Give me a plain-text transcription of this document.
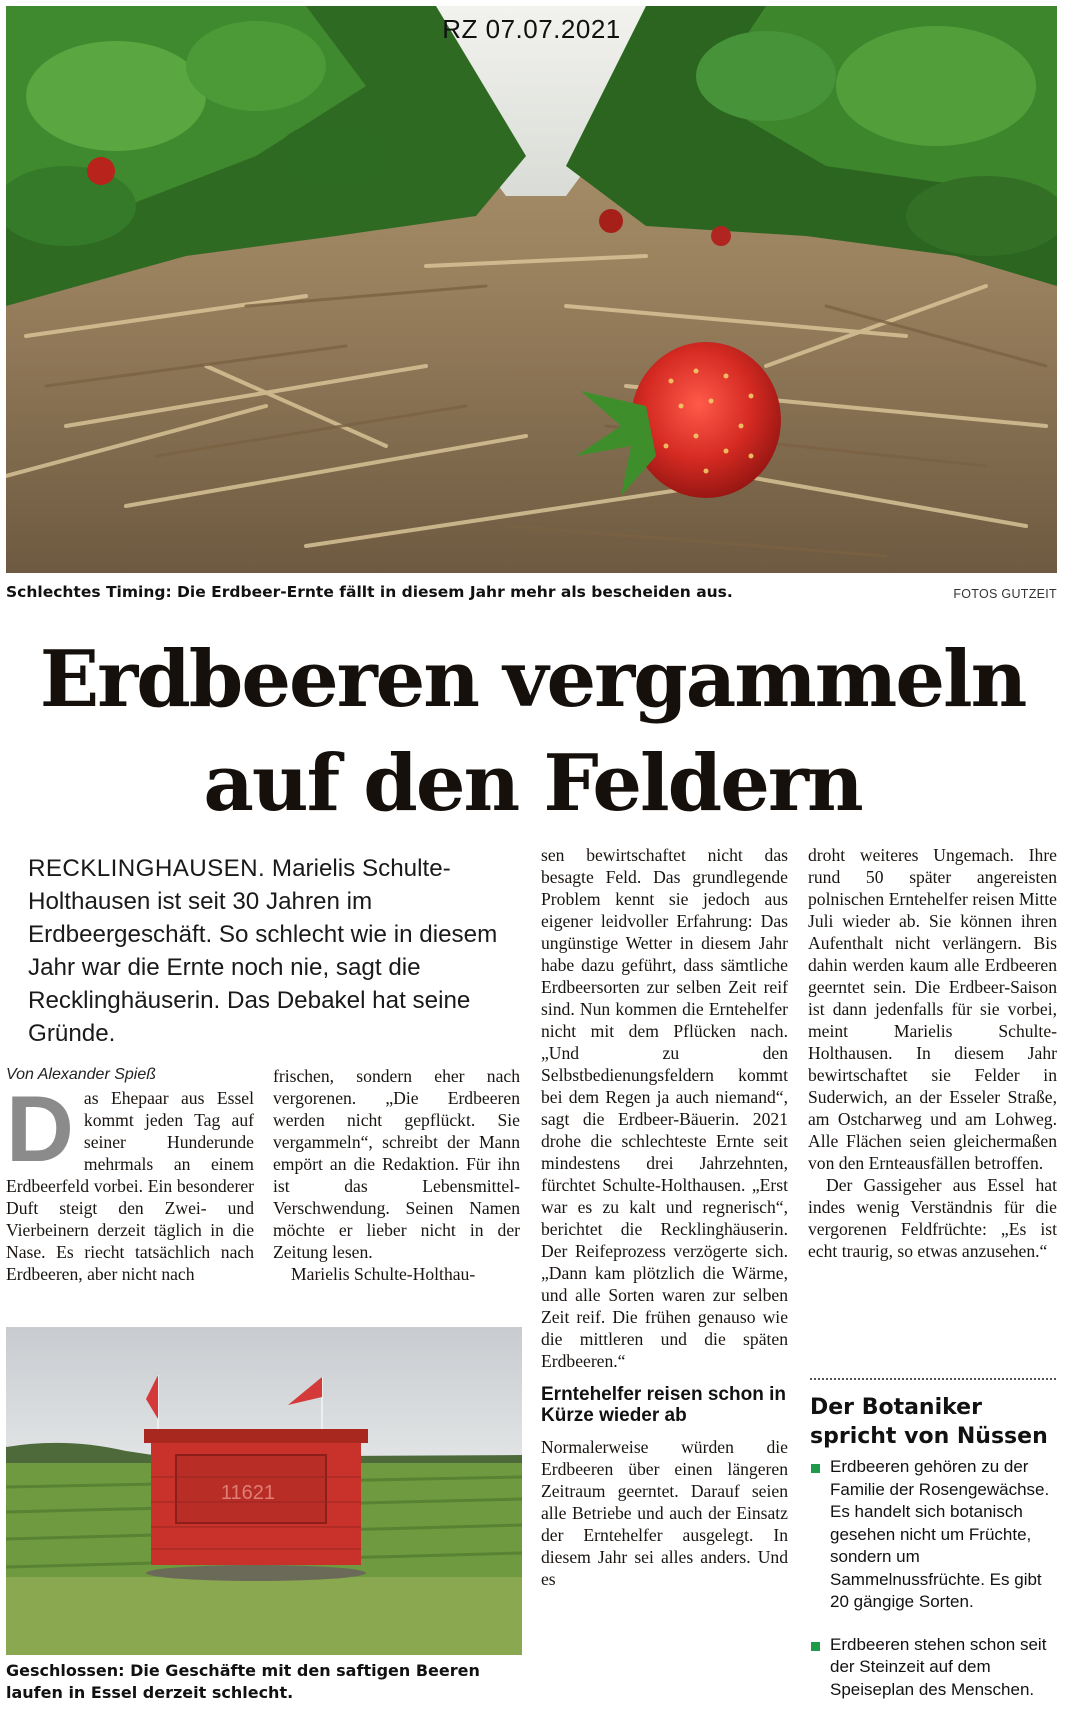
RZ 07.07.2021
Schlechtes Timing: Die Erdbeer-Ernte fällt in diesem Jahr mehr als bescheiden aus.	FOTOS GUTZEIT
Erdbeeren vergammeln
auf den Feldern
RECKLINGHAUSEN. Marielis Schulte-Holthausen ist seit 30 Jahren im Erdbeergeschäft. So schlecht wie in diesem Jahr war die Ernte noch nie, sagt die Recklinghäuserin. Das Debakel hat seine Gründe.
Von Alexander Spieß

Das Ehepaar aus Essel kommt jeden Tag auf seiner Hunderunde mehrmals an einem Erdbeerfeld vorbei. Ein besonderer Duft steigt den Zwei- und Vierbeinern derzeit täglich in die Nase. Es riecht tatsächlich nach Erdbeeren, aber nicht nach

frischen, sondern eher nach vergorenen. „Die Erdbeeren werden nicht gepflückt. Sie vergammeln“, schreibt der Mann empört an die Redaktion. Für ihn ist das Lebensmittel-Verschwendung. Seinen Namen möchte er lieber nicht in der Zeitung lesen.

Marielis Schulte-Holthau-

sen bewirtschaftet nicht das besagte Feld. Das grundlegende Problem kennt sie jedoch aus eigener leidvoller Erfahrung: Das ungünstige Wetter in diesem Jahr habe dazu geführt, dass sämtliche Erdbeersorten zur selben Zeit reif sind. Nun kommen die Erntehelfer nicht mit dem Pflücken nach. „Und zu den Selbstbedienungsfeldern kommt bei dem Regen ja auch niemand“, sagt die Erdbeer-Bäuerin. 2021 drohe die schlechteste Ernte seit mindestens drei Jahrzehnten, fürchtet Schulte-Holthausen. „Erst war es zu kalt und regnerisch“, berichtet die Recklinghäuserin. Der Reifeprozess verzögerte sich. „Dann kam plötzlich die Wärme, und alle Sorten waren zur selben Zeit reif. Die frühen genauso wie die mittleren und die späten Erdbeeren.“

Erntehelfer reisen schon in Kürze wieder ab

Normalerweise würden die Erdbeeren über einen längeren Zeitraum geerntet. Darauf seien alle Betriebe und auch der Einsatz der Erntehelfer ausgelegt. In diesem Jahr sei alles anders. Und es

droht weiteres Ungemach. Ihre rund 50 später angereisten polnischen Erntehelfer reisen Mitte Juli wieder ab. Sie können ihren Aufenthalt nicht verlängern. Bis dahin werden kaum alle Erdbeeren geerntet sein. Die Erdbeer-Saison ist dann jedenfalls für sie vorbei, meint Marielis Schulte-Holthausen. In diesem Jahr bewirtschaftet sie Felder in Suderwich, an der Esseler Straße, am Ostcharweg und am Lohweg. Alle Flächen seien gleichermaßen von den Ernteausfällen betroffen.

Der Gassigeher aus Essel hat indes wenig Verständnis für die vergorenen Feldfrüchte: „Es ist echt traurig, so etwas anzusehen.“

11621
Geschlossen: Die Geschäfte mit den saftigen Beeren laufen in Essel derzeit schlecht.
Der Botaniker spricht von Nüssen
Erdbeeren gehören zu der Familie der Rosengewächse. Es handelt sich botanisch gesehen nicht um Früchte, sondern um Sammelnussfrüchte. Es gibt 20 gängige Sorten.
Erdbeeren stehen schon seit der Steinzeit auf dem Speiseplan des Menschen.
